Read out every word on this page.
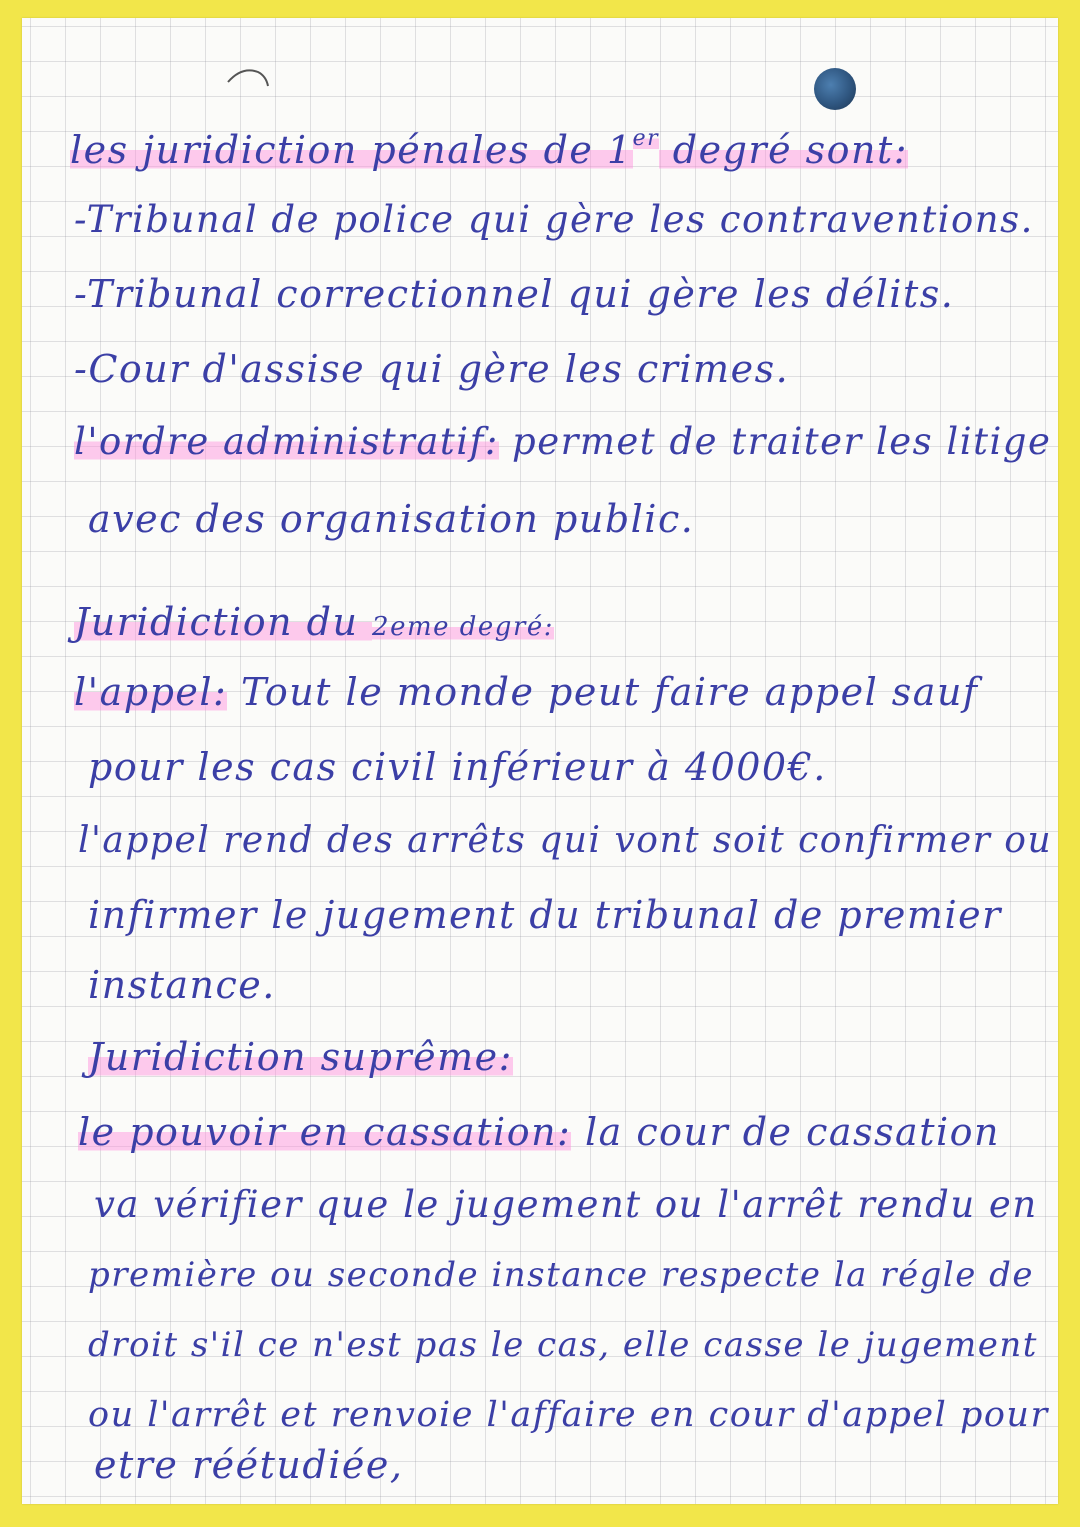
les juridiction pénales de 1er degré sont:
-Tribunal de police qui gère les contraventions.
-Tribunal correctionnel qui gère les délits.
-Cour d'assise qui gère les crimes.
l'ordre administratif: permet de traiter les litige
avec des organisation public.
Juridiction du 2eme degré:
l'appel: Tout le monde peut faire appel sauf
pour les cas civil inférieur à 4000€.
l'appel rend des arrêts qui vont soit confirmer ou
infirmer le jugement du tribunal de premier
instance.
Juridiction suprême:
le pouvoir en cassation: la cour de cassation
va vérifier que le jugement ou l'arrêt rendu en
première ou seconde instance respecte la régle de
droit s'il ce n'est pas le cas, elle casse le jugement
ou l'arrêt et renvoie l'affaire en cour d'appel pour
etre réétudiée,
